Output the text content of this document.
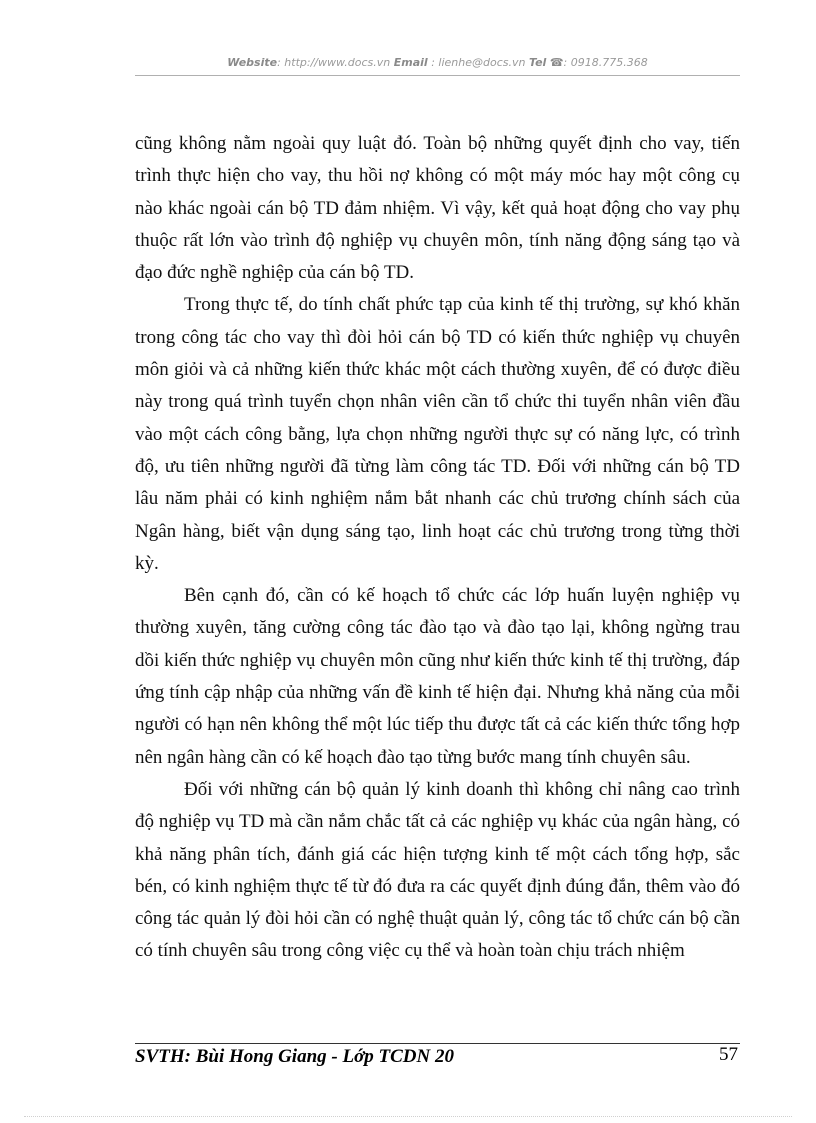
Website: http://www.docs.vn Email : lienhe@docs.vn Tel ☎: 0918.775.368

cũng không nằm ngoài quy luật đó. Toàn bộ những quyết định cho vay, tiến trình thực hiện cho vay, thu hồi nợ không có một máy móc hay một công cụ nào khác ngoài cán bộ TD đảm nhiệm. Vì vậy, kết quả hoạt động cho vay phụ thuộc rất lớn vào trình độ nghiệp vụ chuyên môn, tính năng động sáng tạo và đạo đức nghề nghiệp của cán bộ TD.

Trong thực tế, do tính chất phức tạp của kinh tế thị trường, sự khó khăn trong công tác cho vay thì đòi hỏi cán bộ TD có kiến thức nghiệp vụ chuyên môn giỏi và cả những kiến thức khác một cách thường xuyên, để có được điều này trong quá trình tuyển chọn nhân viên cần tổ chức thi tuyển nhân viên đầu vào một cách công bằng, lựa chọn những người thực sự có năng lực, có trình độ, ưu tiên những người đã từng làm công tác TD. Đối với những cán bộ TD lâu năm phải có kinh nghiệm nắm bắt nhanh các chủ trương chính sách của Ngân hàng, biết vận dụng sáng tạo, linh hoạt các chủ trương trong từng thời kỳ.

Bên cạnh đó, cần có kế hoạch tổ chức các lớp huấn luyện nghiệp vụ thường xuyên, tăng cường công tác đào tạo và đào tạo lại, không ngừng trau dồi kiến thức nghiệp vụ chuyên môn cũng như kiến thức kinh tế thị trường, đáp ứng tính cập nhập của những vấn đề kinh tế hiện đại. Nhưng khả năng của mỗi người có hạn nên không thể một lúc tiếp thu được tất cả các kiến thức tổng hợp nên ngân hàng cần có kế hoạch đào tạo từng bước mang tính chuyên sâu.

Đối với những cán bộ quản lý kinh doanh thì không chỉ nâng cao trình độ nghiệp vụ TD mà cần nắm chắc tất cả các nghiệp vụ khác của ngân hàng, có khả năng phân tích, đánh giá các hiện tượng kinh tế một cách tổng hợp, sắc bén, có kinh nghiệm thực tế từ đó đưa ra các quyết định đúng đắn, thêm vào đó công tác quản lý đòi hỏi cần có nghệ thuật quản lý, công tác tổ chức cán bộ cần có tính chuyên sâu trong công việc cụ thể và hoàn toàn chịu trách nhiệm

SVTH: Bùi Hong Giang - Lớp TCDN 20	57
